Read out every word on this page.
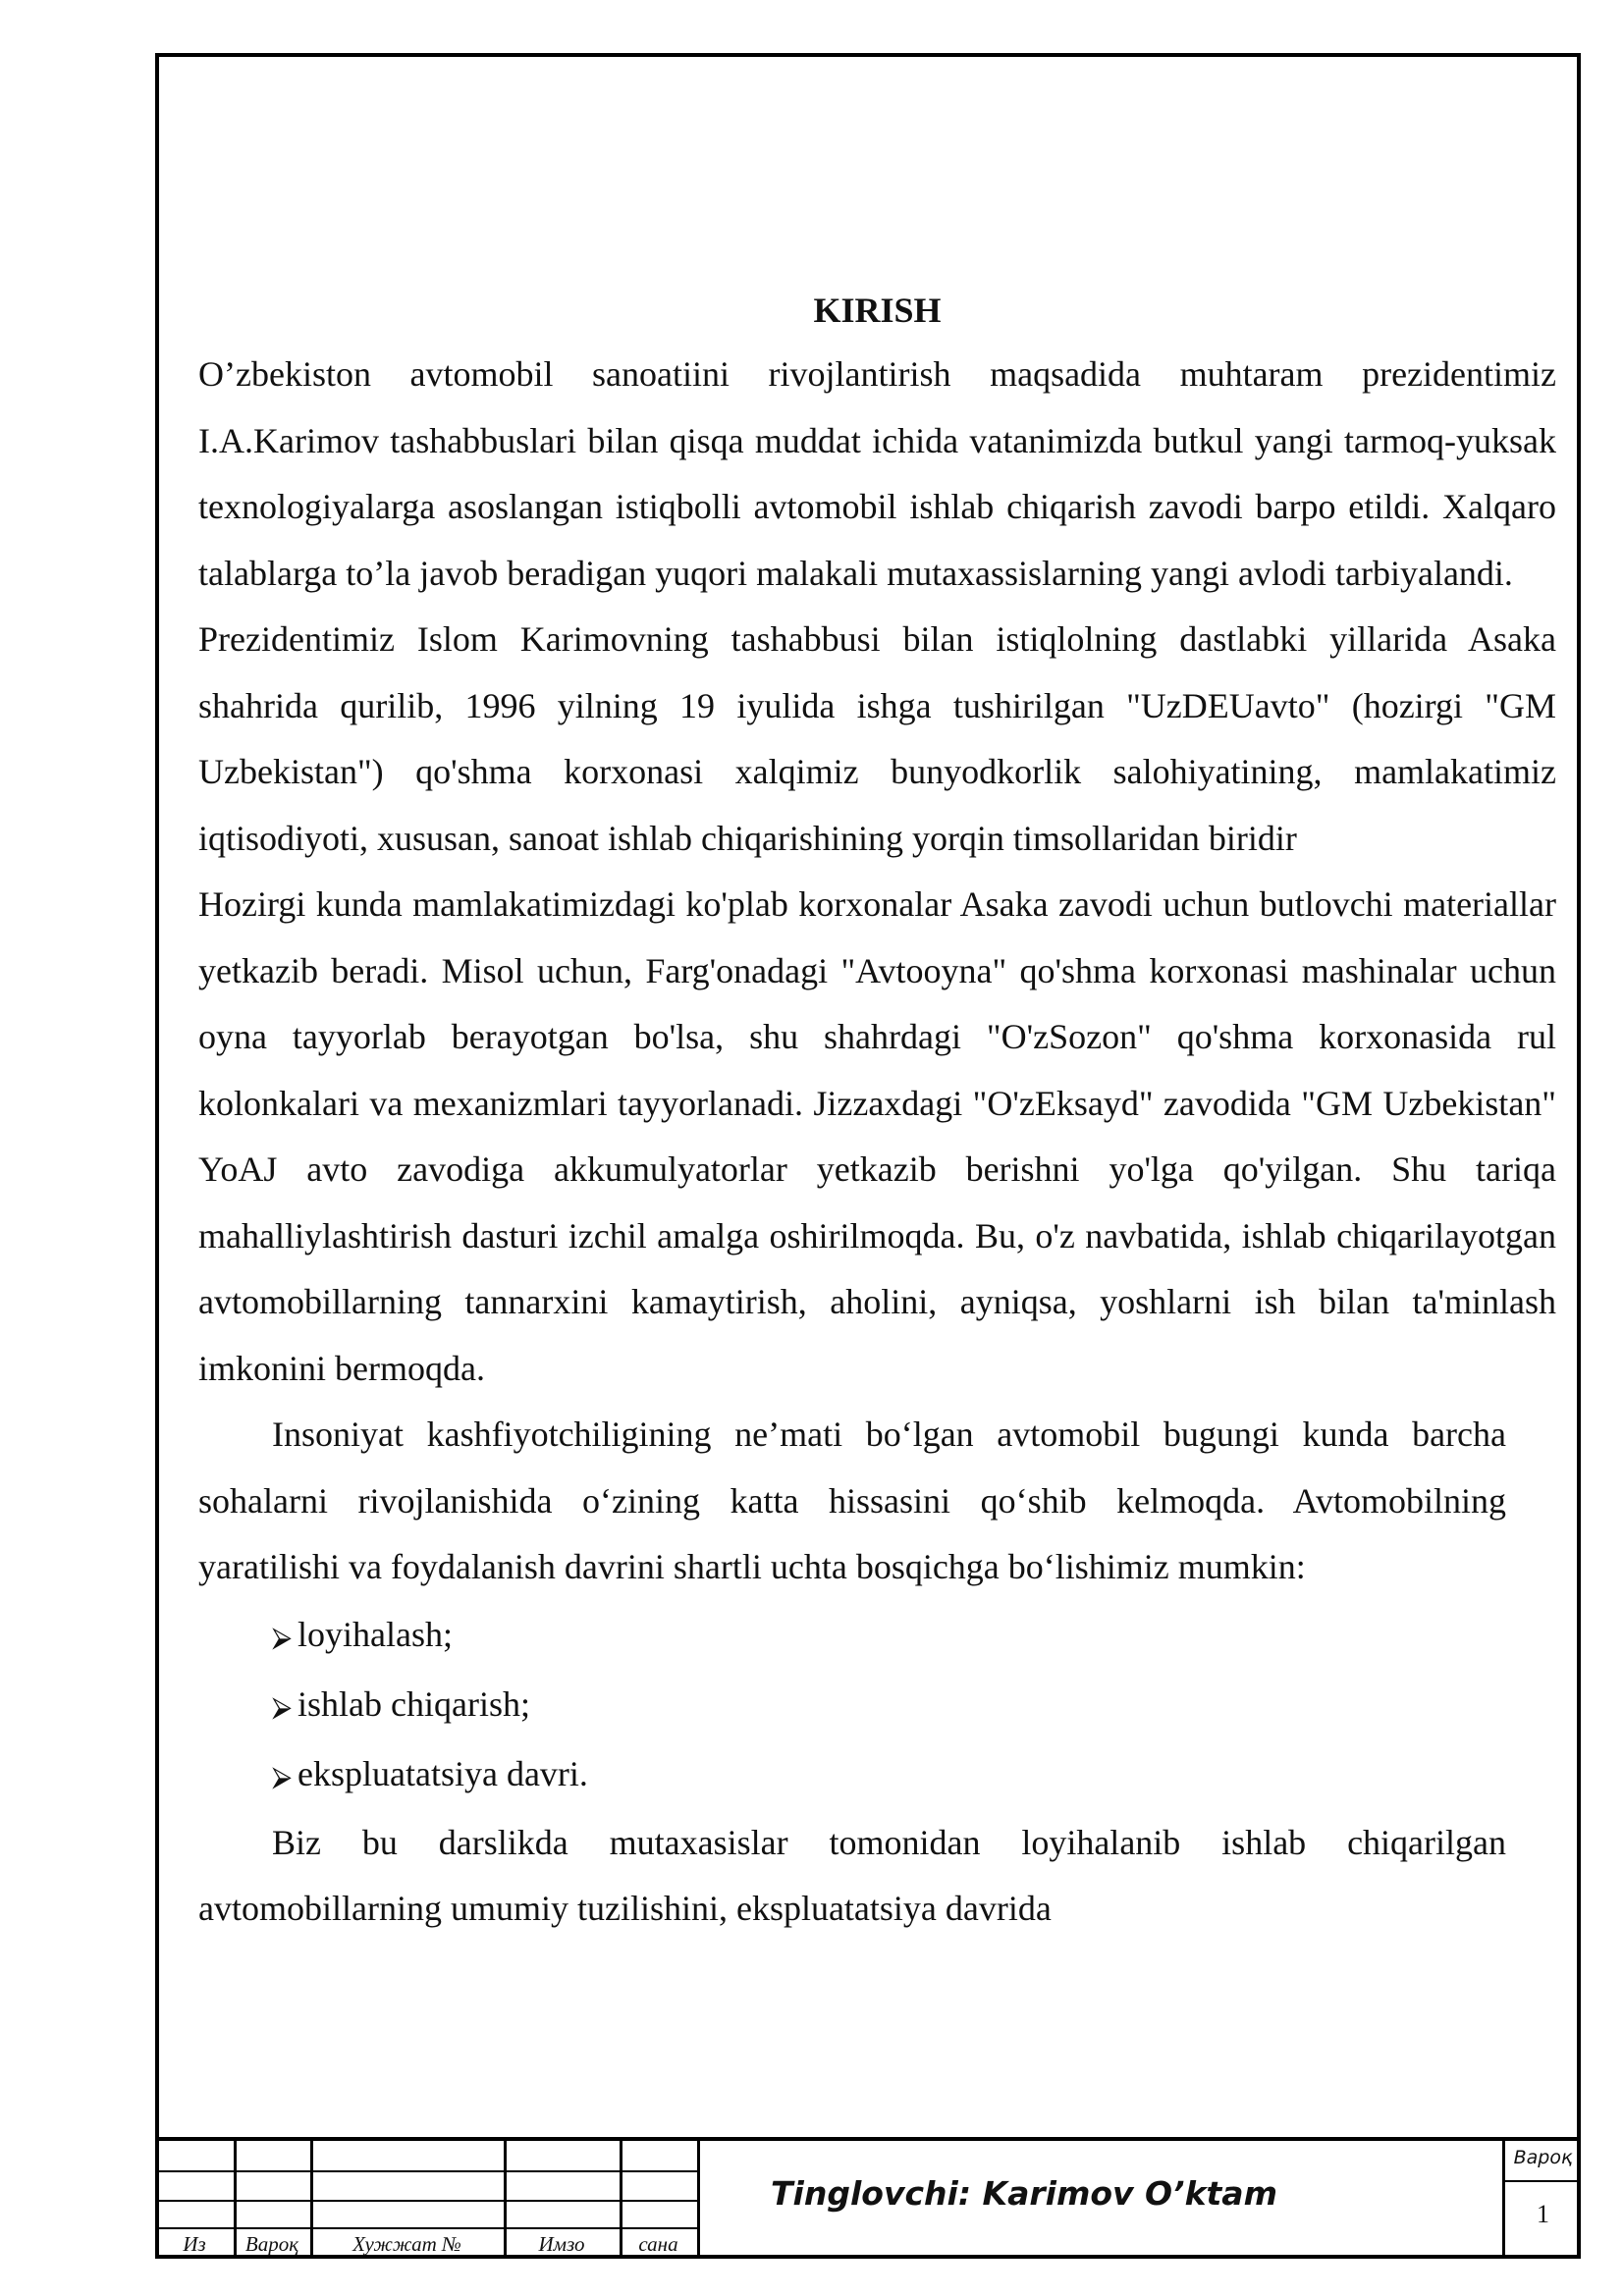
KIRISH

O’zbekiston avtomobil sanoatiini rivojlantirish maqsadida muhtaram prezidentimiz I.A.Karimov tashabbuslari bilan qisqa muddat ichida vatanimizda butkul yangi tarmoq-yuksak texnologiyalarga asoslangan istiqbolli avtomobil ishlab chiqarish zavodi barpo etildi. Xalqaro talablarga to’la javob beradigan yuqori malakali mutaxassislarning yangi avlodi tarbiyalandi.

Prezidentimiz Islom Karimovning tashabbusi bilan istiqlolning dastlabki yillarida Asaka shahrida qurilib, 1996 yilning 19 iyulida ishga tushirilgan "UzDEUavto" (hozirgi "GM Uzbekistan") qo'shma korxonasi xalqimiz bunyodkorlik salohiyatining, mamlakatimiz iqtisodiyoti, xususan, sanoat ishlab chiqarishining yorqin timsollaridan biridir

Hozirgi kunda mamlakatimizdagi ko'plab korxonalar Asaka zavodi uchun butlovchi materiallar yetkazib beradi. Misol uchun, Farg'onadagi "Avtooyna" qo'shma korxonasi mashinalar uchun oyna tayyorlab berayotgan bo'lsa, shu shahrdagi "O'zSozon" qo'shma korxonasida rul kolonkalari va mexanizmlari tayyorlanadi. Jizzaxdagi "O'zEksayd" zavodida "GM Uzbekistan" YoAJ avto zavodiga akkumulyatorlar yetkazib berishni yo'lga qo'yilgan. Shu tariqa mahalliylashtirish dasturi izchil amalga oshirilmoqda. Bu, o'z navbatida, ishlab chiqarilayotgan avtomobillarning tannarxini kamaytirish, aholini, ayniqsa, yoshlarni ish bilan ta'minlash imkonini bermoqda.

Insoniyat kashfiyotchiligining ne’mati bo‘lgan avtomobil bugungi kunda barcha sohalarni rivojlanishida o‘zining katta hissasini qo‘shib kelmoqda. Avtomobilning yaratilishi va foydalanish davrini shartli uchta bosqichga bo‘lishimiz mumkin:

⮚ loyihalash;

⮚ ishlab chiqarish;

⮚ ekspluatatsiya davri.

Biz bu darslikda mutaxasislar tomonidan loyihalanib ishlab chiqarilgan avtomobillarning umumiy tuzilishini, ekspluatatsiya davrida

Из	Вароқ	Хужжат №	Имзо	сана
Tinglovchi: Karimov O’ktam
Вароқ
1
